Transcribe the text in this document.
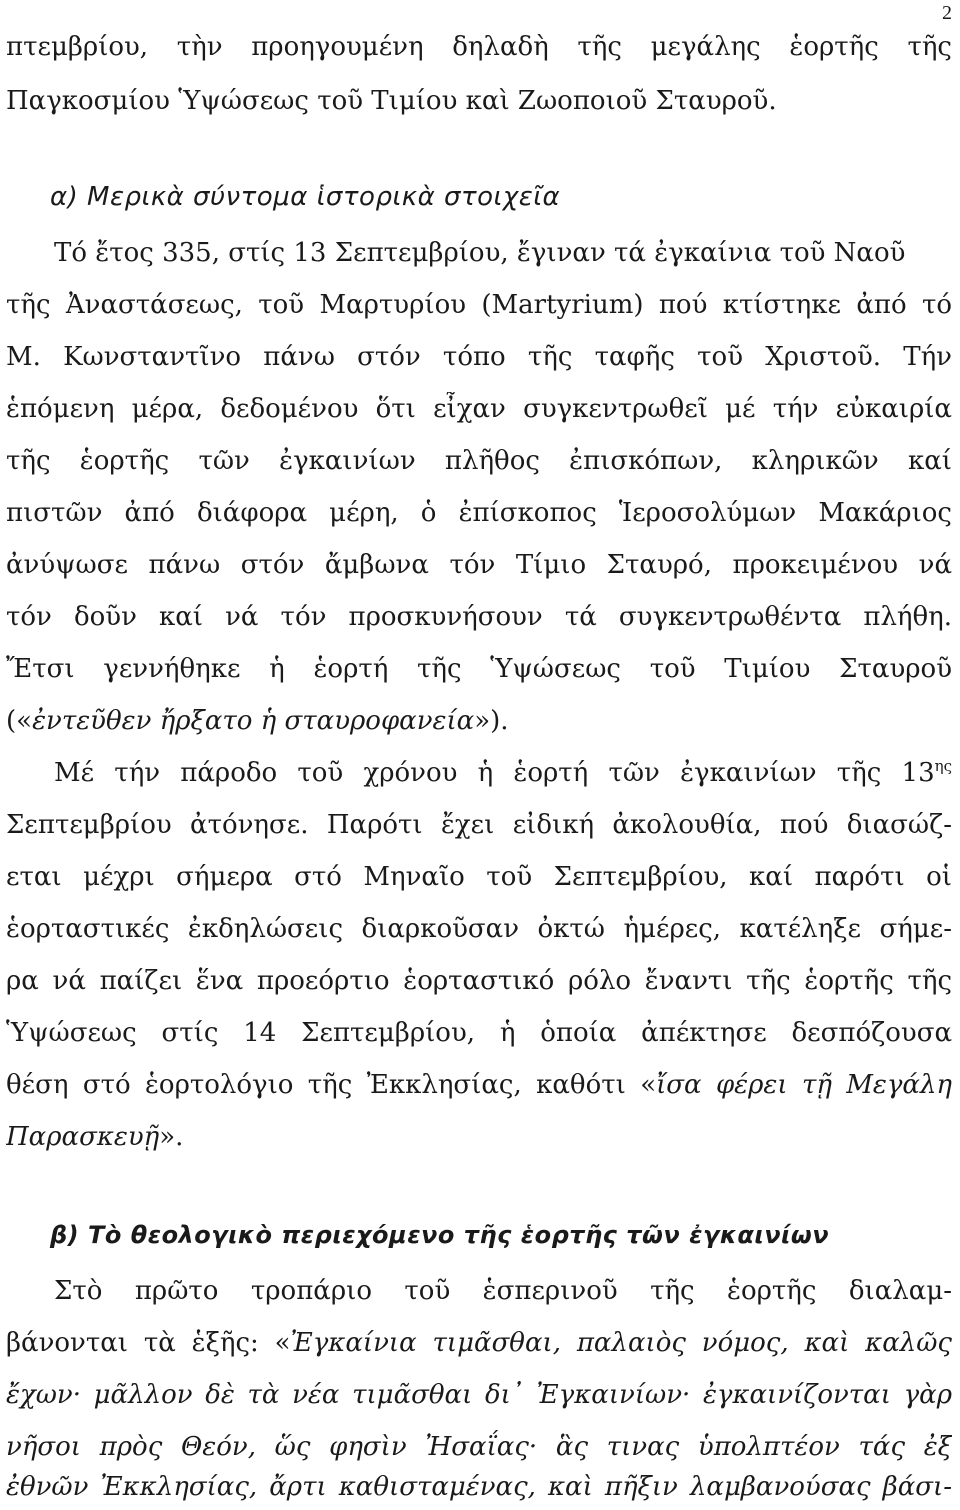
2
πτεμβρίου, τὴν προηγουμένη δηλαδὴ τῆς μεγάλης ἑορτῆς τῆς
Παγκοσμίου Ὑψώσεως τοῦ Τιμίου καὶ Ζωοποιοῦ Σταυροῦ.
α) Μερικὰ σύντομα ἱστορικὰ στοιχεῖα
Τό ἔτος 335, στίς 13 Σεπτεμβρίου, ἔγιναν τά ἐγκαίνια τοῦ Ναοῦ
τῆς Ἀναστάσεως, τοῦ Μαρτυρίου (Martyrium) πού κτίστηκε ἀπό τό
Μ. Κωνσταντῖνο πάνω στόν τόπο τῆς ταφῆς τοῦ Χριστοῦ. Τήν
ἑπόμενη μέρα, δεδομένου ὅτι εἶχαν συγκεντρωθεῖ μέ τήν εὐκαιρία
τῆς ἑορτῆς τῶν ἐγκαινίων πλῆθος ἐπισκόπων, κληρικῶν καί
πιστῶν ἀπό διάφορα μέρη, ὁ ἐπίσκοπος Ἱεροσολύμων Μακάριος
ἀνύψωσε πάνω στόν ἄμβωνα τόν Τίμιο Σταυρό, προκειμένου νά
τόν δοῦν καί νά τόν προσκυνήσουν τά συγκεντρωθέντα πλήθη.
Ἔτσι γεννήθηκε ἡ ἑορτή τῆς Ὑψώσεως τοῦ Τιμίου Σταυροῦ
(«ἐντεῦθεν ἤρξατο ἡ σταυροφανεία»).
Μέ τήν πάροδο τοῦ χρόνου ἡ ἑορτή τῶν ἐγκαινίων τῆς $13^{\eta\varsigma}$
Σεπτεμβρίου ἀτόνησε. Παρότι ἔχει εἰδική ἀκολουθία, πού διασώζ-
εται μέχρι σήμερα στό Μηναῖο τοῦ Σεπτεμβρίου, καί παρότι οἱ
ἑορταστικές ἐκδηλώσεις διαρκοῦσαν ὀκτώ ἡμέρες, κατέληξε σήμε-
ρα νά παίζει ἕνα προεόρτιο ἑορταστικό ρόλο ἔναντι τῆς ἑορτῆς τῆς
Ὑψώσεως στίς 14 Σεπτεμβρίου, ἡ ὁποία ἀπέκτησε δεσπόζουσα
θέση στό ἑορτολόγιο τῆς Ἐκκλησίας, καθότι «ἴσα φέρει τῇ Μεγάλη
Παρασκευῇ».
β) Τὸ θεολογικὸ περιεχόμενο τῆς ἑορτῆς τῶν ἐγκαινίων
Στὸ πρῶτο τροπάριο τοῦ ἑσπερινοῦ τῆς ἑορτῆς διαλαμ-
βάνονται τὰ ἑξῆς: «Ἐγκαίνια τιμᾶσθαι, παλαιὸς νόμος, καὶ καλῶς
ἔχων· μᾶλλον δὲ τὰ νέα τιμᾶσθαι δι᾽ Ἐγκαινίων· ἐγκαινίζονται γὰρ
νῆσοι πρὸς Θεόν, ὥς φησὶν Ἠσαΐας· ἃς τινας ὑπολπτέον τάς ἐξ
ἐθνῶν Ἐκκλησίας, ἄρτι καθισταμένας, καὶ πῆξιν λαμβανούσας βάσι-
